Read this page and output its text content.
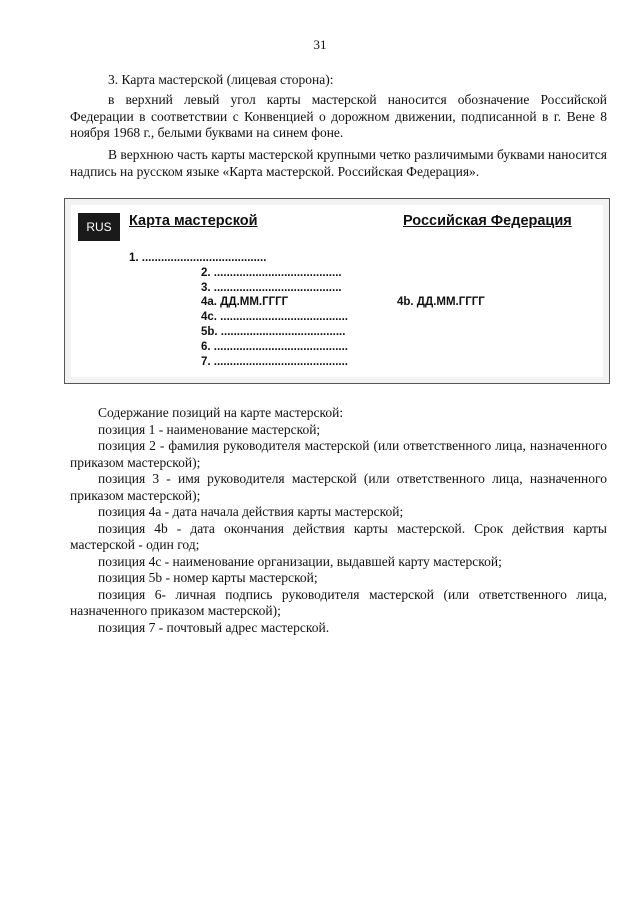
31

3. Карта мастерской (лицевая сторона):

в верхний левый угол карты мастерской наносится обозначение Российской Федерации в соответствии с Конвенцией о дорожном движении, подписанной в г. Вене 8 ноября 1968 г., белыми буквами на синем фоне.

В верхнюю часть карты мастерской крупными четко различимыми буквами наносится надпись на русском языке «Карта мастерской. Российская Федерация».

RUS	Карта мастерской	Российская Федерация
1. .......................................
2. ........................................
3. ........................................
4a. ДД.ММ.ГГГГ	4b. ДД.ММ.ГГГГ
4c. ........................................
5b. .......................................
6. ..........................................
7. ..........................................

Содержание позиций на карте мастерской:

позиция 1 - наименование мастерской;

позиция 2 - фамилия руководителя мастерской (или ответственного лица, назначенного приказом мастерской);

позиция 3 - имя руководителя мастерской (или ответственного лица, назначенного приказом мастерской);

позиция 4a - дата начала действия карты мастерской;

позиция 4b - дата окончания действия карты мастерской. Срок действия карты мастерской - один год;

позиция 4c - наименование организации, выдавшей карту мастерской;

позиция 5b - номер карты мастерской;

позиция 6- личная подпись руководителя мастерской (или ответственного лица, назначенного приказом мастерской);

позиция 7 - почтовый адрес мастерской.
